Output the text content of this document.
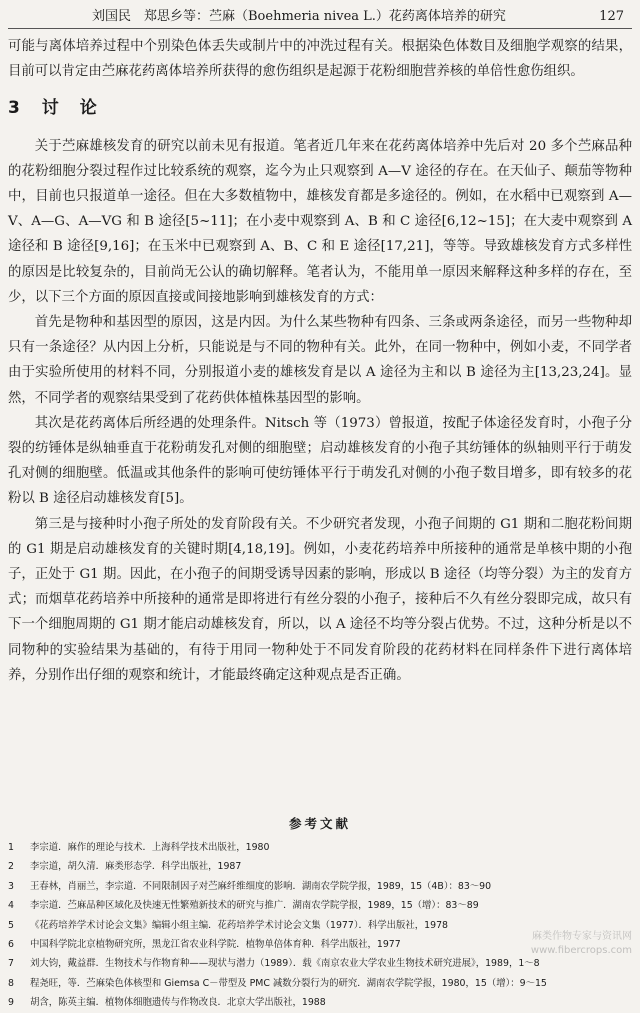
刘国民　郑思乡等：苎麻（Boehmeria nivea L.）花药离体培养的研究	127

可能与离体培养过程中个别染色体丢失或制片中的冲洗过程有关。根据染色体数目及细胞学观察的结果，目前可以肯定由苎麻花药离体培养所获得的愈伤组织是起源于花粉细胞营养核的单倍性愈伤组织。

3 讨　论

关于苎麻雄核发育的研究以前未见有报道。笔者近几年来在花药离体培养中先后对 20 多个苎麻品种的花粉细胞分裂过程作过比较系统的观察，迄今为止只观察到 A—V 途径的存在。在天仙子、颠茄等物种中，目前也只报道单一途径。但在大多数植物中，雄核发育都是多途径的。例如，在水稻中已观察到 A—V、A—G、A—VG 和 B 途径[5~11]；在小麦中观察到 A、B 和 C 途径[6,12~15]；在大麦中观察到 A 途径和 B 途径[9,16]；在玉米中已观察到 A、B、C 和 E 途径[17,21]，等等。导致雄核发育方式多样性的原因是比较复杂的，目前尚无公认的确切解释。笔者认为，不能用单一原因来解释这种多样的存在，至少，以下三个方面的原因直接或间接地影响到雄核发育的方式：

首先是物种和基因型的原因，这是内因。为什么某些物种有四条、三条或两条途径，而另一些物种却只有一条途径？从内因上分析，只能说是与不同的物种有关。此外，在同一物种中，例如小麦，不同学者由于实验所使用的材料不同，分别报道小麦的雄核发育是以 A 途径为主和以 B 途径为主[13,23,24]。显然，不同学者的观察结果受到了花药供体植株基因型的影响。

其次是花药离体后所经遇的处理条件。Nitsch 等（1973）曾报道，按配子体途径发育时，小孢子分裂的纺锤体是纵轴垂直于花粉萌发孔对侧的细胞壁；启动雄核发育的小孢子其纺锤体的纵轴则平行于萌发孔对侧的细胞壁。低温或其他条件的影响可使纺锤体平行于萌发孔对侧的小孢子数目增多，即有较多的花粉以 B 途径启动雄核发育[5]。

第三是与接种时小孢子所处的发育阶段有关。不少研究者发现，小孢子间期的 G1 期和二胞花粉间期的 G1 期是启动雄核发育的关键时期[4,18,19]。例如，小麦花药培养中所接种的通常是单核中期的小孢子，正处于 G1 期。因此，在小孢子的间期受诱导因素的影响，形成以 B 途径（均等分裂）为主的发育方式；而烟草花药培养中所接种的通常是即将进行有丝分裂的小孢子，接种后不久有丝分裂即完成，故只有下一个细胞周期的 G1 期才能启动雄核发育，所以，以 A 途径不均等分裂占优势。不过，这种分析是以不同物种的实验结果为基础的，有待于用同一物种处于不同发育阶段的花药材料在同样条件下进行离体培养，分别作出仔细的观察和统计，才能最终确定这种观点是否正确。

参考文献
1	李宗道．麻作的理论与技术．上海科学技术出版社，1980
2	李宗道，胡久清．麻类形态学．科学出版社，1987
3	王春林，肖丽兰，李宗道．不同限制因子对苎麻纤维细度的影响．湖南农学院学报，1989，15（4B）：83～90
4	李宗道．苎麻品种区域化及快速无性繁殖新技术的研究与推广．湖南农学院学报，1989，15（增）：83～89
5	《花药培养学术讨论会文集》编辑小组主编．花药培养学术讨论会文集（1977）．科学出版社，1978
6	中国科学院北京植物研究所，黑龙江省农业科学院．植物单倍体育种．科学出版社，1977
7	刘大钧，戴益群．生物技术与作物育种——现状与潜力（1989）．载《南京农业大学农业生物技术研究进展》，1989，1～8
8	程尧旺，等．苎麻染色体核型和 Giemsa C－带型及 PMC 减数分裂行为的研究．湖南农学院学报，1980，15（增）：9～15
9	胡含，陈英主编．植物体细胞遗传与作物改良．北京大学出版社，1988
麻类作物专家与资讯网
www.fibercrops.com
